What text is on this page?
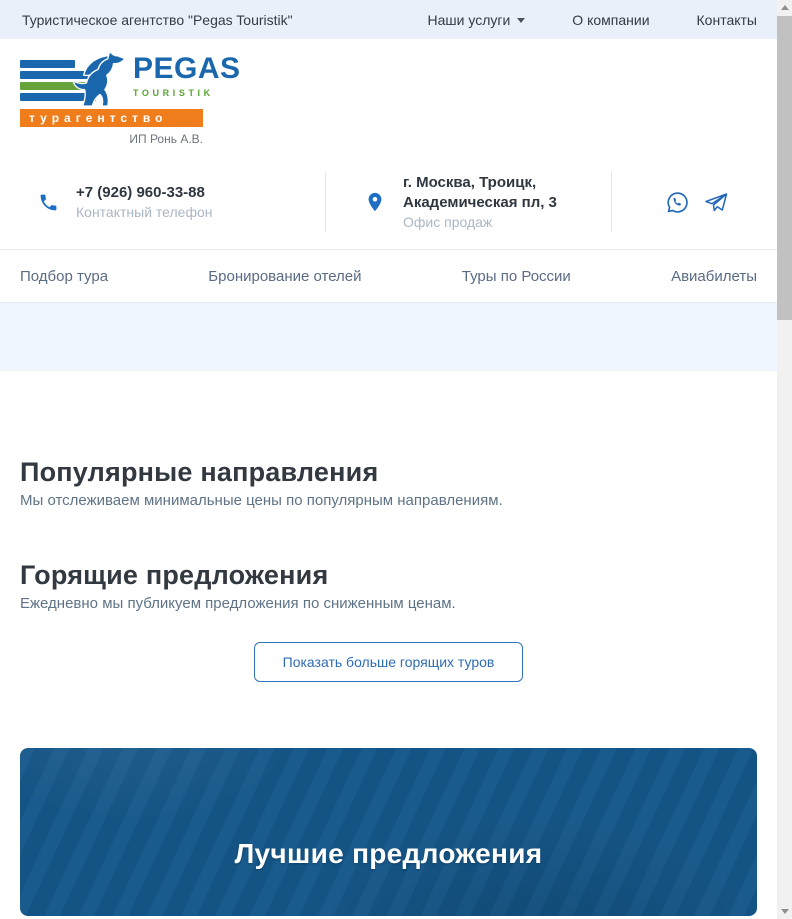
Туристическое агентство "Pegas Touristik"	Наши услуги	О компании	Контакты
PEGAS
TOURISTIK
турагентство
ИП Ронь А.В.
+7 (926) 960-33-88
Контактный телефон
г. Москва, Троицк,
Академическая пл, 3
Офис продаж
Подбор тура	Бронирование отелей	Туры по России	Авиабилеты
Популярные направления
Мы отслеживаем минимальные цены по популярным направлениям.
Горящие предложения
Ежедневно мы публикуем предложения по сниженным ценам.
Показать больше горящих туров
Лучшие предложения
